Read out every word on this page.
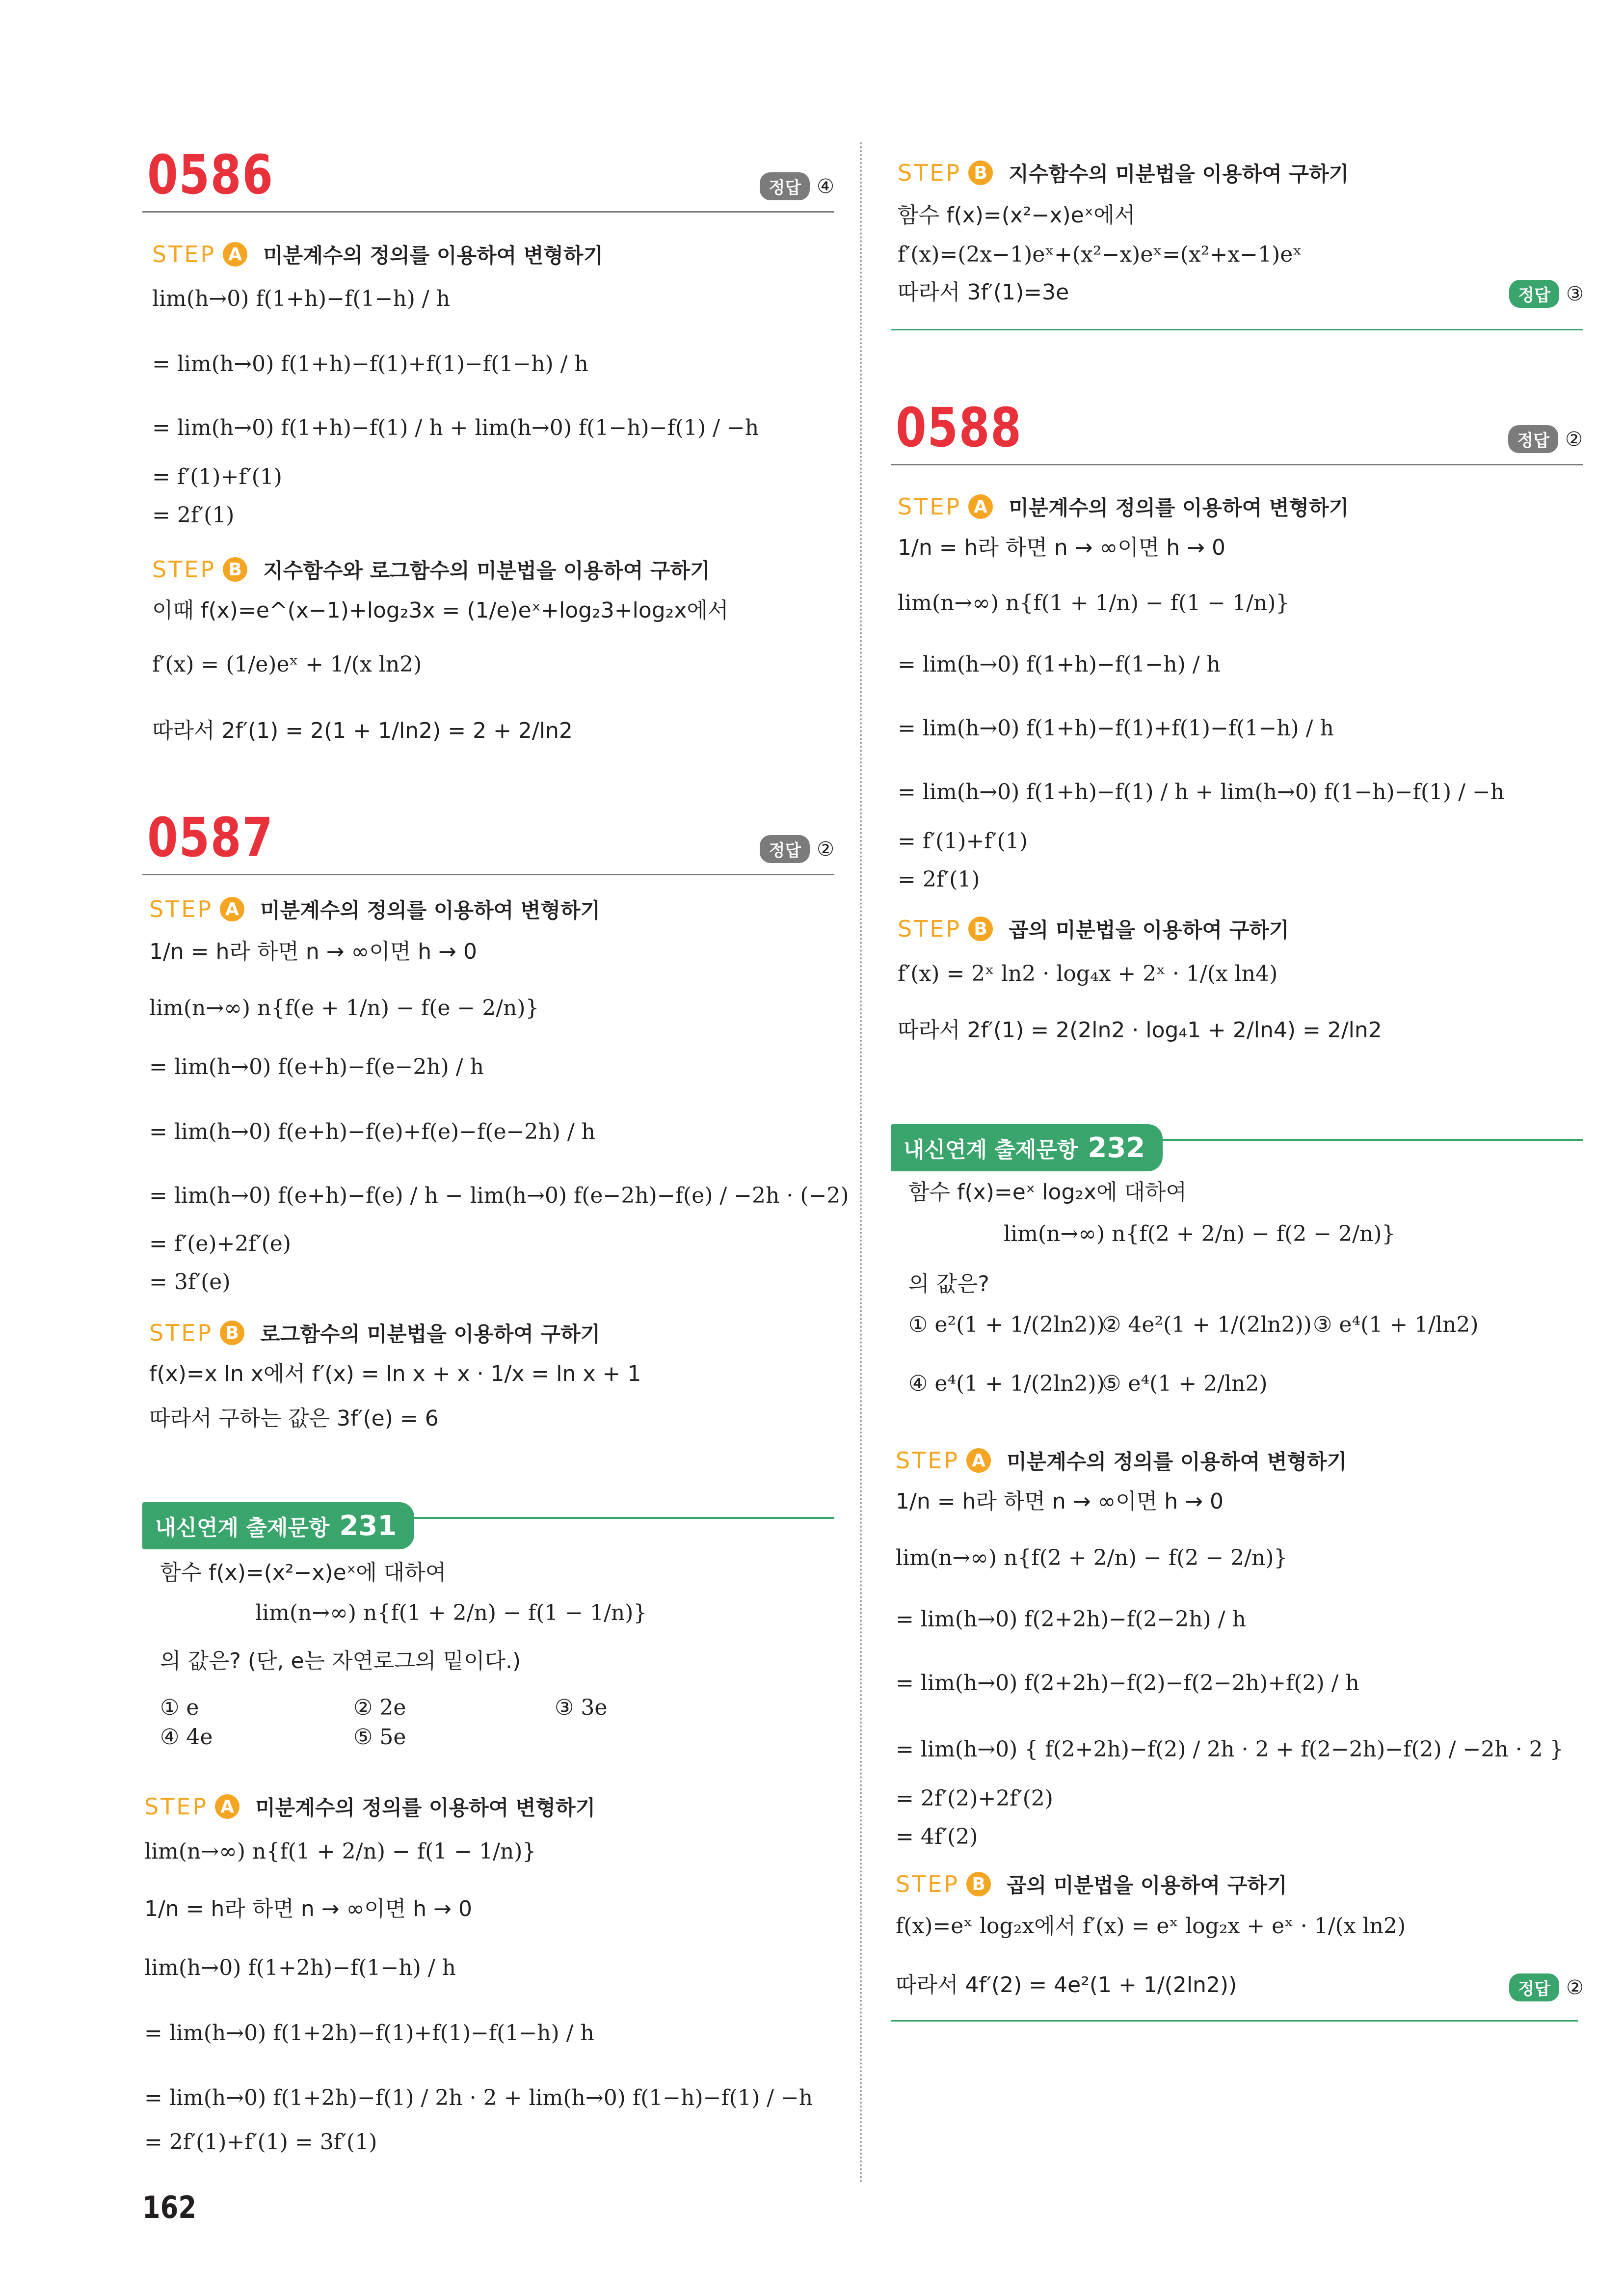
0586	정답 ④
STEP A 미분계수의 정의를 이용하여 변형하기
lim(h→0) f(1+h)−f(1−h) / h
= lim(h→0) f(1+h)−f(1)+f(1)−f(1−h) / h
= lim(h→0) f(1+h)−f(1) / h + lim(h→0) f(1−h)−f(1) / −h
= f′(1)+f′(1)
= 2f′(1)
STEP B 지수함수와 로그함수의 미분법을 이용하여 구하기
이때 f(x)=e^(x−1)+log₂3x = (1/e)eˣ+log₂3+log₂x에서
f′(x) = (1/e)eˣ + 1/(x ln2)
따라서 2f′(1) = 2(1 + 1/ln2) = 2 + 2/ln2
0587	정답 ②
STEP A 미분계수의 정의를 이용하여 변형하기
1/n = h라 하면 n → ∞이면 h → 0
lim(n→∞) n{f(e + 1/n) − f(e − 2/n)}
= lim(h→0) f(e+h)−f(e−2h) / h
= lim(h→0) f(e+h)−f(e)+f(e)−f(e−2h) / h
= lim(h→0) f(e+h)−f(e) / h − lim(h→0) f(e−2h)−f(e) / −2h · (−2)
= f′(e)+2f′(e)
= 3f′(e)
STEP B 로그함수의 미분법을 이용하여 구하기
f(x)=x ln x에서 f′(x) = ln x + x · 1/x = ln x + 1
따라서 구하는 값은 3f′(e) = 6
내신연계 출제문항 231
함수 f(x)=(x²−x)eˣ에 대하여
lim(n→∞) n{f(1 + 2/n) − f(1 − 1/n)}
의 값은? (단, e는 자연로그의 밑이다.)
① e	② 2e	③ 3e
④ 4e	⑤ 5e
STEP A 미분계수의 정의를 이용하여 변형하기
lim(n→∞) n{f(1 + 2/n) − f(1 − 1/n)}
1/n = h라 하면 n → ∞이면 h → 0
lim(h→0) f(1+2h)−f(1−h) / h
= lim(h→0) f(1+2h)−f(1)+f(1)−f(1−h) / h
= lim(h→0) f(1+2h)−f(1) / 2h · 2 + lim(h→0) f(1−h)−f(1) / −h
= 2f′(1)+f′(1) = 3f′(1)
STEP B 지수함수의 미분법을 이용하여 구하기
함수 f(x)=(x²−x)eˣ에서
f′(x)=(2x−1)eˣ+(x²−x)eˣ=(x²+x−1)eˣ
따라서 3f′(1)=3e	정답 ③
0588	정답 ②
STEP A 미분계수의 정의를 이용하여 변형하기
1/n = h라 하면 n → ∞이면 h → 0
lim(n→∞) n{f(1 + 1/n) − f(1 − 1/n)}
= lim(h→0) f(1+h)−f(1−h) / h
= lim(h→0) f(1+h)−f(1)+f(1)−f(1−h) / h
= lim(h→0) f(1+h)−f(1) / h + lim(h→0) f(1−h)−f(1) / −h
= f′(1)+f′(1)
= 2f′(1)
STEP B 곱의 미분법을 이용하여 구하기
f′(x) = 2ˣ ln2 · log₄x + 2ˣ · 1/(x ln4)
따라서 2f′(1) = 2(2ln2 · log₄1 + 2/ln4) = 2/ln2
내신연계 출제문항 232
함수 f(x)=eˣ log₂x에 대하여
lim(n→∞) n{f(2 + 2/n) − f(2 − 2/n)}
의 값은?
① e²(1 + 1/(2ln2))
② 4e²(1 + 1/(2ln2)) ③ e⁴(1 + 1/ln2)
④ e⁴(1 + 1/(2ln2))
⑤ e⁴(1 + 2/ln2)
STEP A 미분계수의 정의를 이용하여 변형하기
1/n = h라 하면 n → ∞이면 h → 0
lim(n→∞) n{f(2 + 2/n) − f(2 − 2/n)}
= lim(h→0) f(2+2h)−f(2−2h) / h
= lim(h→0) f(2+2h)−f(2)−f(2−2h)+f(2) / h
= lim(h→0) { f(2+2h)−f(2) / 2h · 2 + f(2−2h)−f(2) / −2h · 2 }
= 2f′(2)+2f′(2)
= 4f′(2)
STEP B 곱의 미분법을 이용하여 구하기
f(x)=eˣ log₂x에서 f′(x) = eˣ log₂x + eˣ · 1/(x ln2)
따라서 4f′(2) = 4e²(1 + 1/(2ln2))	정답 ②
162
